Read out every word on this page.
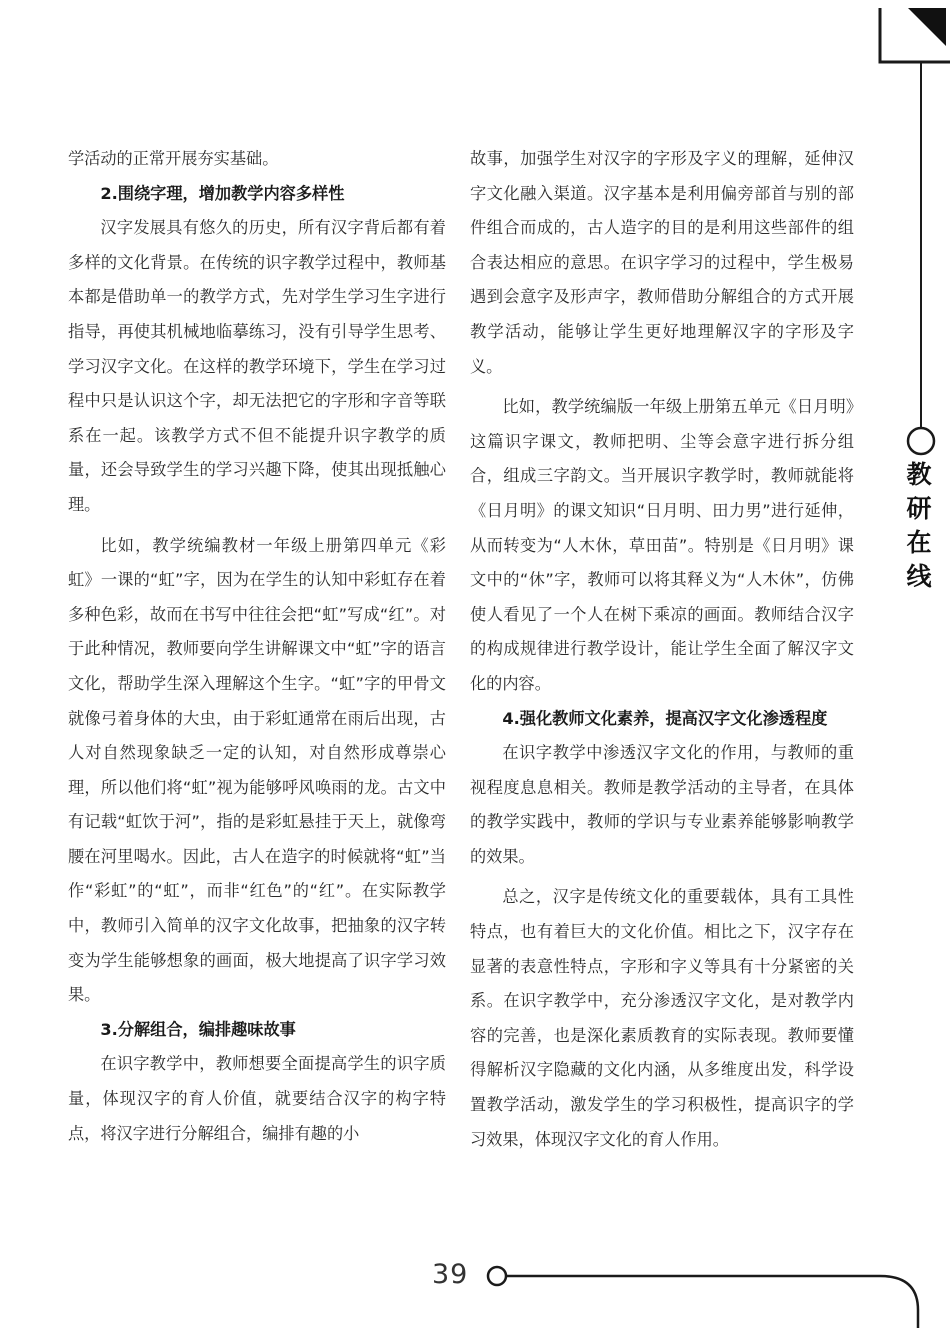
学活动的正常开展夯实基础。

2.围绕字理，增加教学内容多样性

汉字发展具有悠久的历史，所有汉字背后都有着多样的文化背景。在传统的识字教学过程中，教师基本都是借助单一的教学方式，先对学生学习生字进行指导，再使其机械地临摹练习，没有引导学生思考、学习汉字文化。在这样的教学环境下，学生在学习过程中只是认识这个字，却无法把它的字形和字音等联系在一起。该教学方式不但不能提升识字教学的质量，还会导致学生的学习兴趣下降，使其出现抵触心理。

比如，教学统编教材一年级上册第四单元《彩虹》一课的“虹”字，因为在学生的认知中彩虹存在着多种色彩，故而在书写中往往会把“虹”写成“红”。对于此种情况，教师要向学生讲解课文中“虹”字的语言文化，帮助学生深入理解这个生字。“虹”字的甲骨文就像弓着身体的大虫，由于彩虹通常在雨后出现，古人对自然现象缺乏一定的认知，对自然形成尊崇心理，所以他们将“虹”视为能够呼风唤雨的龙。古文中有记载“虹饮于河”，指的是彩虹悬挂于天上，就像弯腰在河里喝水。因此，古人在造字的时候就将“虹”当作“彩虹”的“虹”，而非“红色”的“红”。在实际教学中，教师引入简单的汉字文化故事，把抽象的汉字转变为学生能够想象的画面，极大地提高了识字学习效果。

3.分解组合，编排趣味故事

在识字教学中，教师想要全面提高学生的识字质量，体现汉字的育人价值，就要结合汉字的构字特点，将汉字进行分解组合，编排有趣的小

故事，加强学生对汉字的字形及字义的理解，延伸汉字文化融入渠道。汉字基本是利用偏旁部首与别的部件组合而成的，古人造字的目的是利用这些部件的组合表达相应的意思。在识字学习的过程中，学生极易遇到会意字及形声字，教师借助分解组合的方式开展教学活动，能够让学生更好地理解汉字的字形及字义。

比如，教学统编版一年级上册第五单元《日月明》这篇识字课文，教师把明、尘等会意字进行拆分组合，组成三字韵文。当开展识字教学时，教师就能将《日月明》的课文知识“日月明、田力男”进行延伸，从而转变为“人木休，草田苗”。特别是《日月明》课文中的“休”字，教师可以将其释义为“人木休”，仿佛使人看见了一个人在树下乘凉的画面。教师结合汉字的构成规律进行教学设计，能让学生全面了解汉字文化的内容。

4.强化教师文化素养，提高汉字文化渗透程度

在识字教学中渗透汉字文化的作用，与教师的重视程度息息相关。教师是教学活动的主导者，在具体的教学实践中，教师的学识与专业素养能够影响教学的效果。

总之，汉字是传统文化的重要载体，具有工具性特点，也有着巨大的文化价值。相比之下，汉字存在显著的表意性特点，字形和字义等具有十分紧密的关系。在识字教学中，充分渗透汉字文化，是对教学内容的完善，也是深化素质教育的实际表现。教师要懂得解析汉字隐藏的文化内涵，从多维度出发，科学设置教学活动，激发学生的学习积极性，提高识字的学习效果，体现汉字文化的育人作用。

教研在线
39
